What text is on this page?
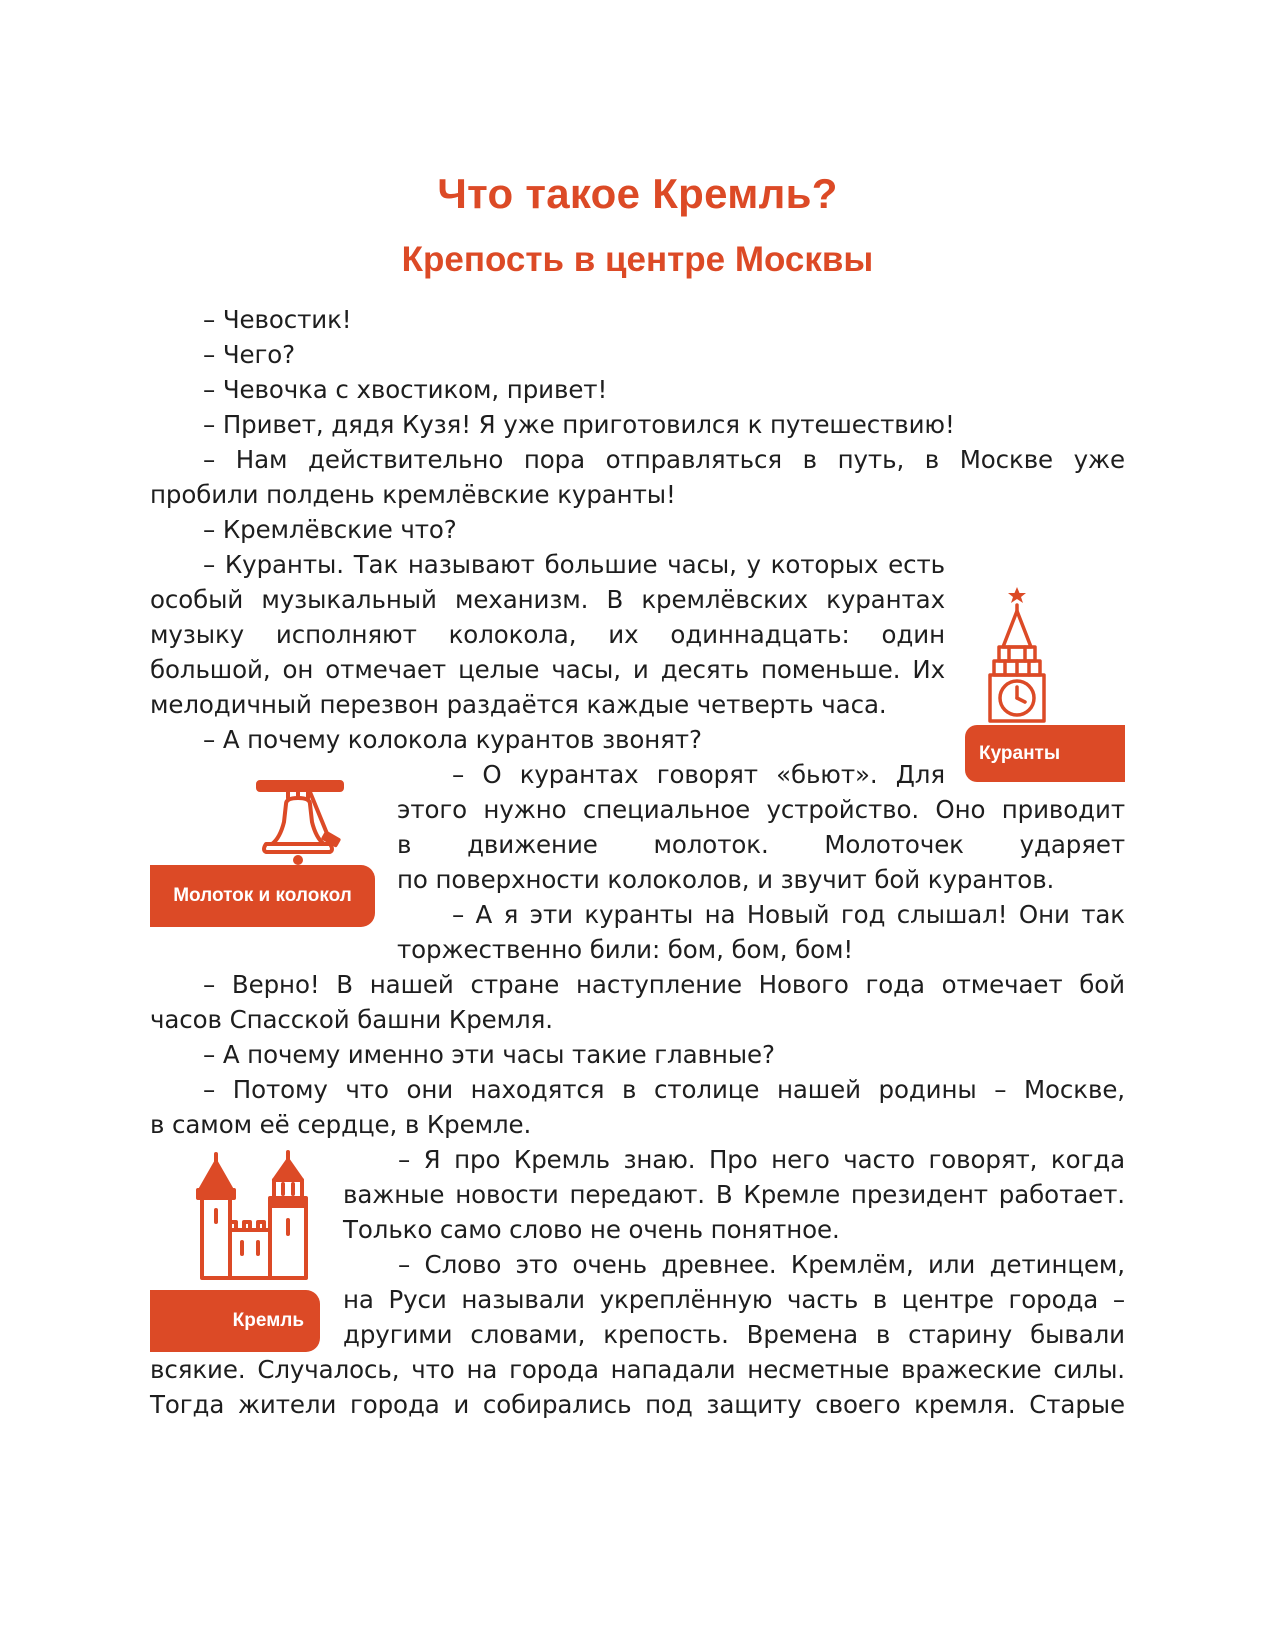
Что такое Кремль?
Крепость в центре Москвы
– Чевостик!
– Чего?
– Чевочка с хвостиком, привет!
– Привет, дядя Кузя! Я уже приготовился к путешествию!
– Нам действительно пора отправляться в путь, в Москве уже
пробили полдень кремлёвские куранты!
– Кремлёвские что?
– Куранты. Так называют большие часы, у которых есть
особый музыкальный механизм. В кремлёвских курантах
музыку исполняют колокола, их одиннадцать: один
большой, он отмечает целые часы, и десять поменьше. Их
мелодичный перезвон раздаётся каждые четверть часа.
– А почему колокола курантов звонят?
– О курантах говорят «бьют». Для
этого нужно специальное устройство. Оно приводит
в движение молоток. Молоточек ударяет
по поверхности колоколов, и звучит бой курантов.
– А я эти куранты на Новый год слышал! Они так
торжественно били: бом, бом, бом!
– Верно! В нашей стране наступление Нового года отмечает бой
часов Спасской башни Кремля.
– А почему именно эти часы такие главные?
– Потому что они находятся в столице нашей родины – Москве,
в самом её сердце, в Кремле.
– Я про Кремль знаю. Про него часто говорят, когда
важные новости передают. В Кремле президент работает.
Только само слово не очень понятное.
– Слово это очень древнее. Кремлём, или детинцем,
на Руси называли укреплённую часть в центре города –
другими словами, крепость. Времена в старину бывали
всякие. Случалось, что на города нападали несметные вражеские силы.
Тогда жители города и собирались под защиту своего кремля. Старые
Куранты
Молоток и колокол
Кремль
